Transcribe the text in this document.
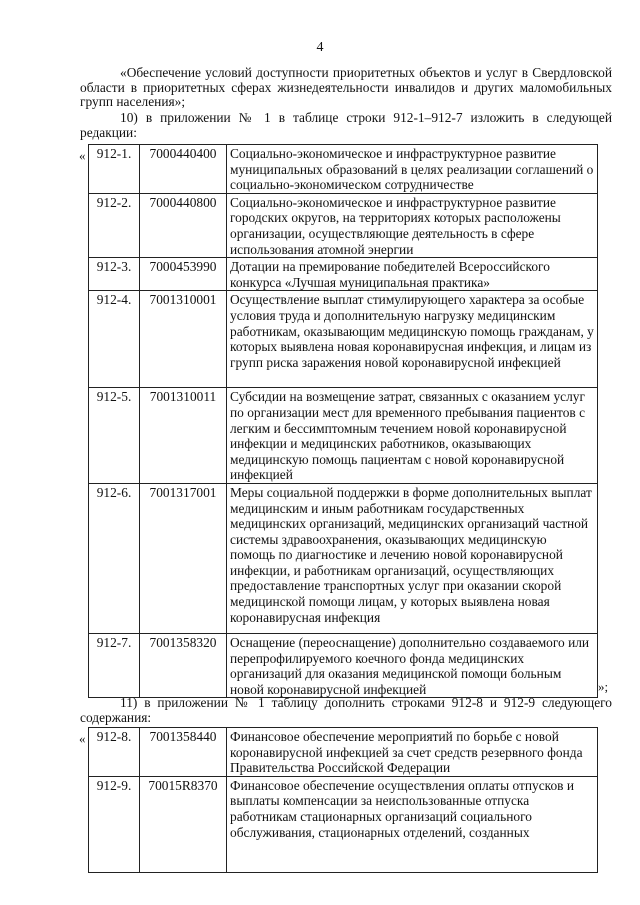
4

«Обеспечение условий доступности приоритетных объектов и услуг в Свердловской области в приоритетных сферах жизнедеятельности инвалидов и других маломобильных групп населения»;

10) в приложении № 1 в таблице строки 912-1–912-7 изложить в следующей редакции:

« 912-1.	7000440400	Социально-экономическое и инфраструктурное развитие муниципальных образований в целях реализации соглашений о социально-экономическом сотрудничестве
912-2.	7000440800	Социально-экономическое и инфраструктурное развитие городских округов, на территориях которых расположены организации, осуществляющие деятельность в сфере использования атомной энергии
912-3.	7000453990	Дотации на премирование победителей Всероссийского конкурса «Лучшая муниципальная практика»
912-4.	7001310001	Осуществление выплат стимулирующего характера за особые условия труда и дополнительную нагрузку медицинским работникам, оказывающим медицинскую помощь гражданам, у которых выявлена новая коронавирусная инфекция, и лицам из групп риска заражения новой коронавирусной инфекцией
912-5.	7001310011	Субсидии на возмещение затрат, связанных с оказанием услуг по организации мест для временного пребывания пациентов с легким и бессимптомным течением новой коронавирусной инфекции и медицинских работников, оказывающих медицинскую помощь пациентам с новой коронавирусной инфекцией
912-6.	7001317001	Меры социальной поддержки в форме дополнительных выплат медицинским и иным работникам государственных медицинских организаций, медицинских организаций частной системы здравоохранения, оказывающих медицинскую помощь по диагностике и лечению новой коронавирусной инфекции, и работникам организаций, осуществляющих предоставление транспортных услуг при оказании скорой медицинской помощи лицам, у которых выявлена новая коронавирусная инфекция
912-7.	7001358320	Оснащение (переоснащение) дополнительно создаваемого или перепрофилируемого коечного фонда медицинских организаций для оказания медицинской помощи больным новой коронавирусной инфекцией	»;

11) в приложении № 1 таблицу дополнить строками 912-8 и 912-9 следующего содержания:

« 912-8.	7001358440	Финансовое обеспечение мероприятий по борьбе с новой коронавирусной инфекцией за счет средств резервного фонда Правительства Российской Федерации
912-9.	70015R8370	Финансовое обеспечение осуществления оплаты отпусков и выплаты компенсации за неиспользованные отпуска работникам стационарных организаций социального обслуживания, стационарных отделений, созданных
